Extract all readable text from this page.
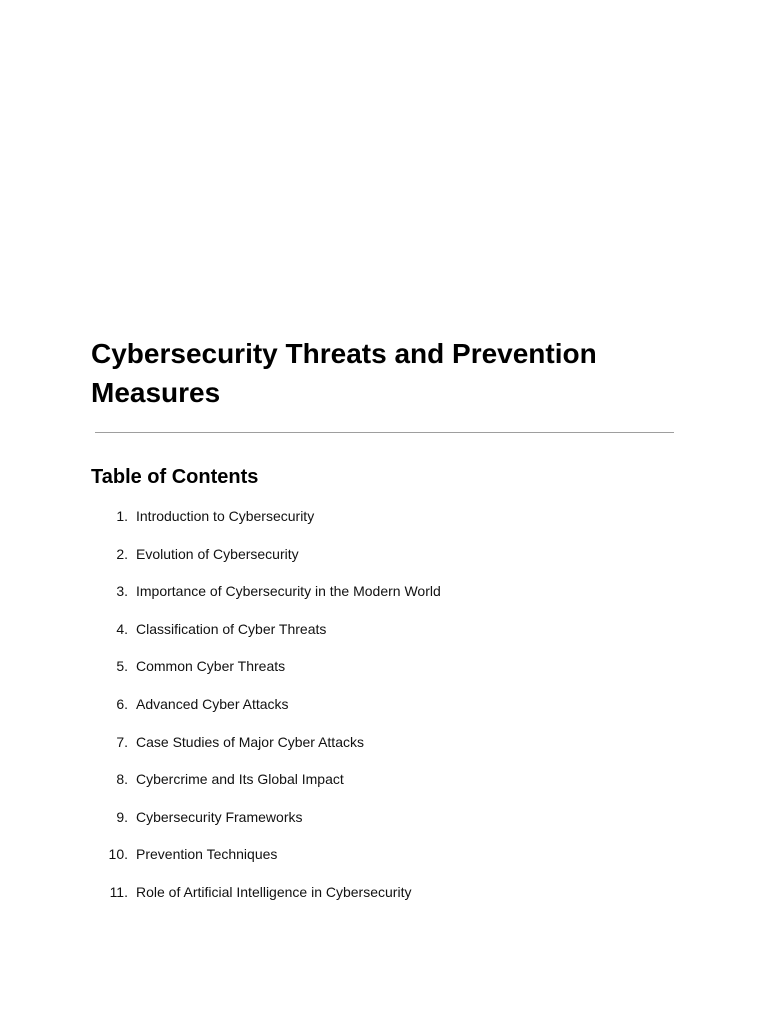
Cybersecurity Threats and Prevention Measures
Table of Contents
1. Introduction to Cybersecurity
2. Evolution of Cybersecurity
3. Importance of Cybersecurity in the Modern World
4. Classification of Cyber Threats
5. Common Cyber Threats
6. Advanced Cyber Attacks
7. Case Studies of Major Cyber Attacks
8. Cybercrime and Its Global Impact
9. Cybersecurity Frameworks
10. Prevention Techniques
11. Role of Artificial Intelligence in Cybersecurity
